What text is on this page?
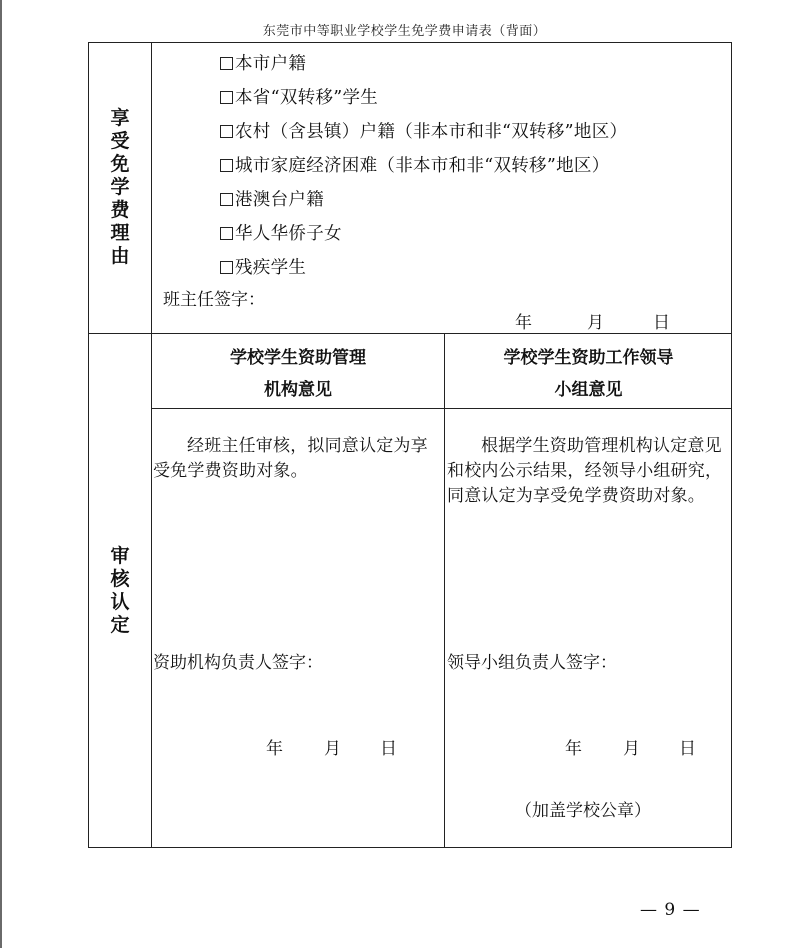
东莞市中等职业学校学生免学费申请表（背面）
享
受
免
学
费
理
由
本市户籍
本省“双转移”学生
农村（含县镇）户籍（非本市和非“双转移”地区）
城市家庭经济困难（非本市和非“双转移”地区）
港澳台户籍
华人华侨子女
残疾学生
班主任签字：
年	月	日
审
核
认
定
学校学生资助管理
机构意见
学校学生资助工作领导
小组意见
经班主任审核，拟同意认定为享受免学费资助对象。
资助机构负责人签字：
年 月 日
根据学生资助管理机构认定意见和校内公示结果，经领导小组研究，同意认定为享受免学费资助对象。
领导小组负责人签字：
年 月 日
（加盖学校公章）
— 9 —
